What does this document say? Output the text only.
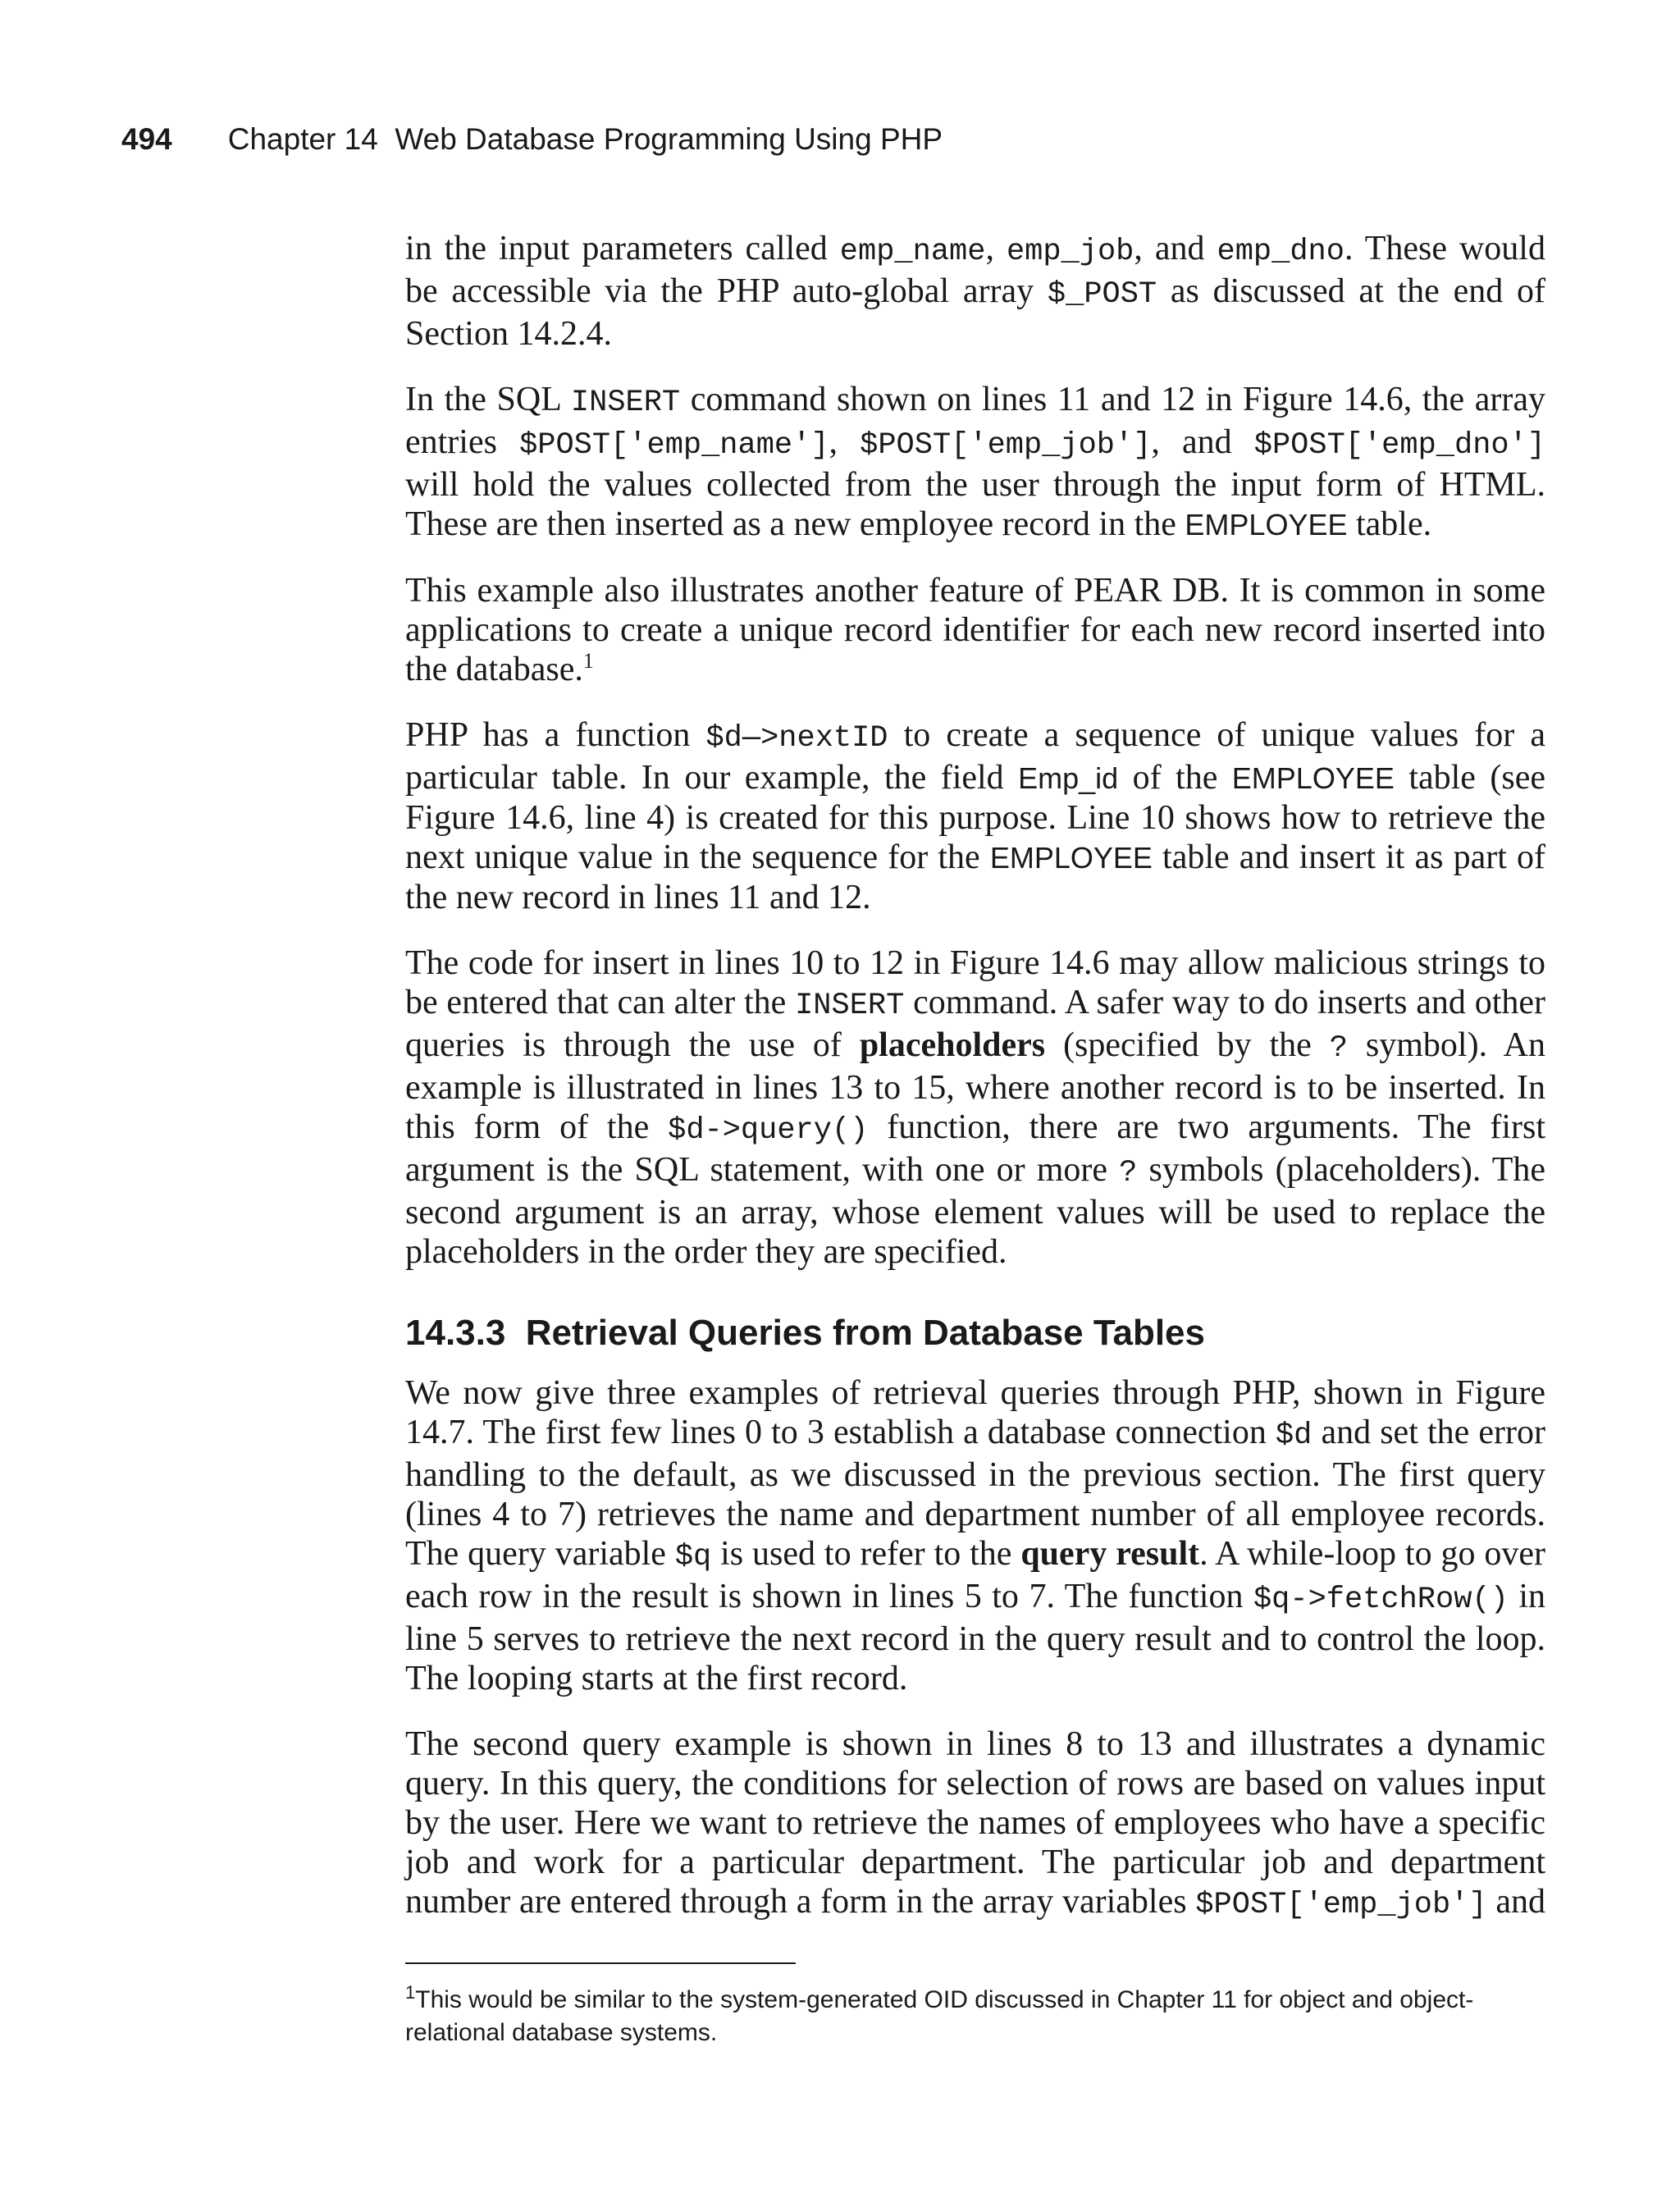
494 Chapter 14  Web Database Programming Using PHP

in the input parameters called emp_name, emp_job, and emp_dno. These would be accessible via the PHP auto-global array $_POST as discussed at the end of Section 14.2.4.

In the SQL INSERT command shown on lines 11 and 12 in Figure 14.6, the array entries $POST['emp_name'], $POST['emp_job'], and $POST['emp_dno'] will hold the values collected from the user through the input form of HTML. These are then inserted as a new employee record in the EMPLOYEE table.

This example also illustrates another feature of PEAR DB. It is common in some applications to create a unique record identifier for each new record inserted into the database.$^1$

PHP has a function $d—>nextID to create a sequence of unique values for a particular table. In our example, the field Emp_id of the EMPLOYEE table (see Figure 14.6, line 4) is created for this purpose. Line 10 shows how to retrieve the next unique value in the sequence for the EMPLOYEE table and insert it as part of the new record in lines 11 and 12.

The code for insert in lines 10 to 12 in Figure 14.6 may allow malicious strings to be entered that can alter the INSERT command. A safer way to do inserts and other queries is through the use of placeholders (specified by the ? symbol). An example is illustrated in lines 13 to 15, where another record is to be inserted. In this form of the $d->query() function, there are two arguments. The first argument is the SQL statement, with one or more ? symbols (placeholders). The second argument is an array, whose element values will be used to replace the placeholders in the order they are specified.

14.3.3  Retrieval Queries from Database Tables

We now give three examples of retrieval queries through PHP, shown in Figure 14.7. The first few lines 0 to 3 establish a database connection $d and set the error handling to the default, as we discussed in the previous section. The first query (lines 4 to 7) retrieves the name and department number of all employee records. The query variable $q is used to refer to the query result. A while-loop to go over each row in the result is shown in lines 5 to 7. The function $q->fetchRow() in line 5 serves to retrieve the next record in the query result and to control the loop. The looping starts at the first record.

The second query example is shown in lines 8 to 13 and illustrates a dynamic query. In this query, the conditions for selection of rows are based on values input by the user. Here we want to retrieve the names of employees who have a specific job and work for a particular department. The particular job and department number are entered through a form in the array variables $POST['emp_job'] and

$^1$This would be similar to the system-generated OID discussed in Chapter 11 for object and object-relational database systems.
